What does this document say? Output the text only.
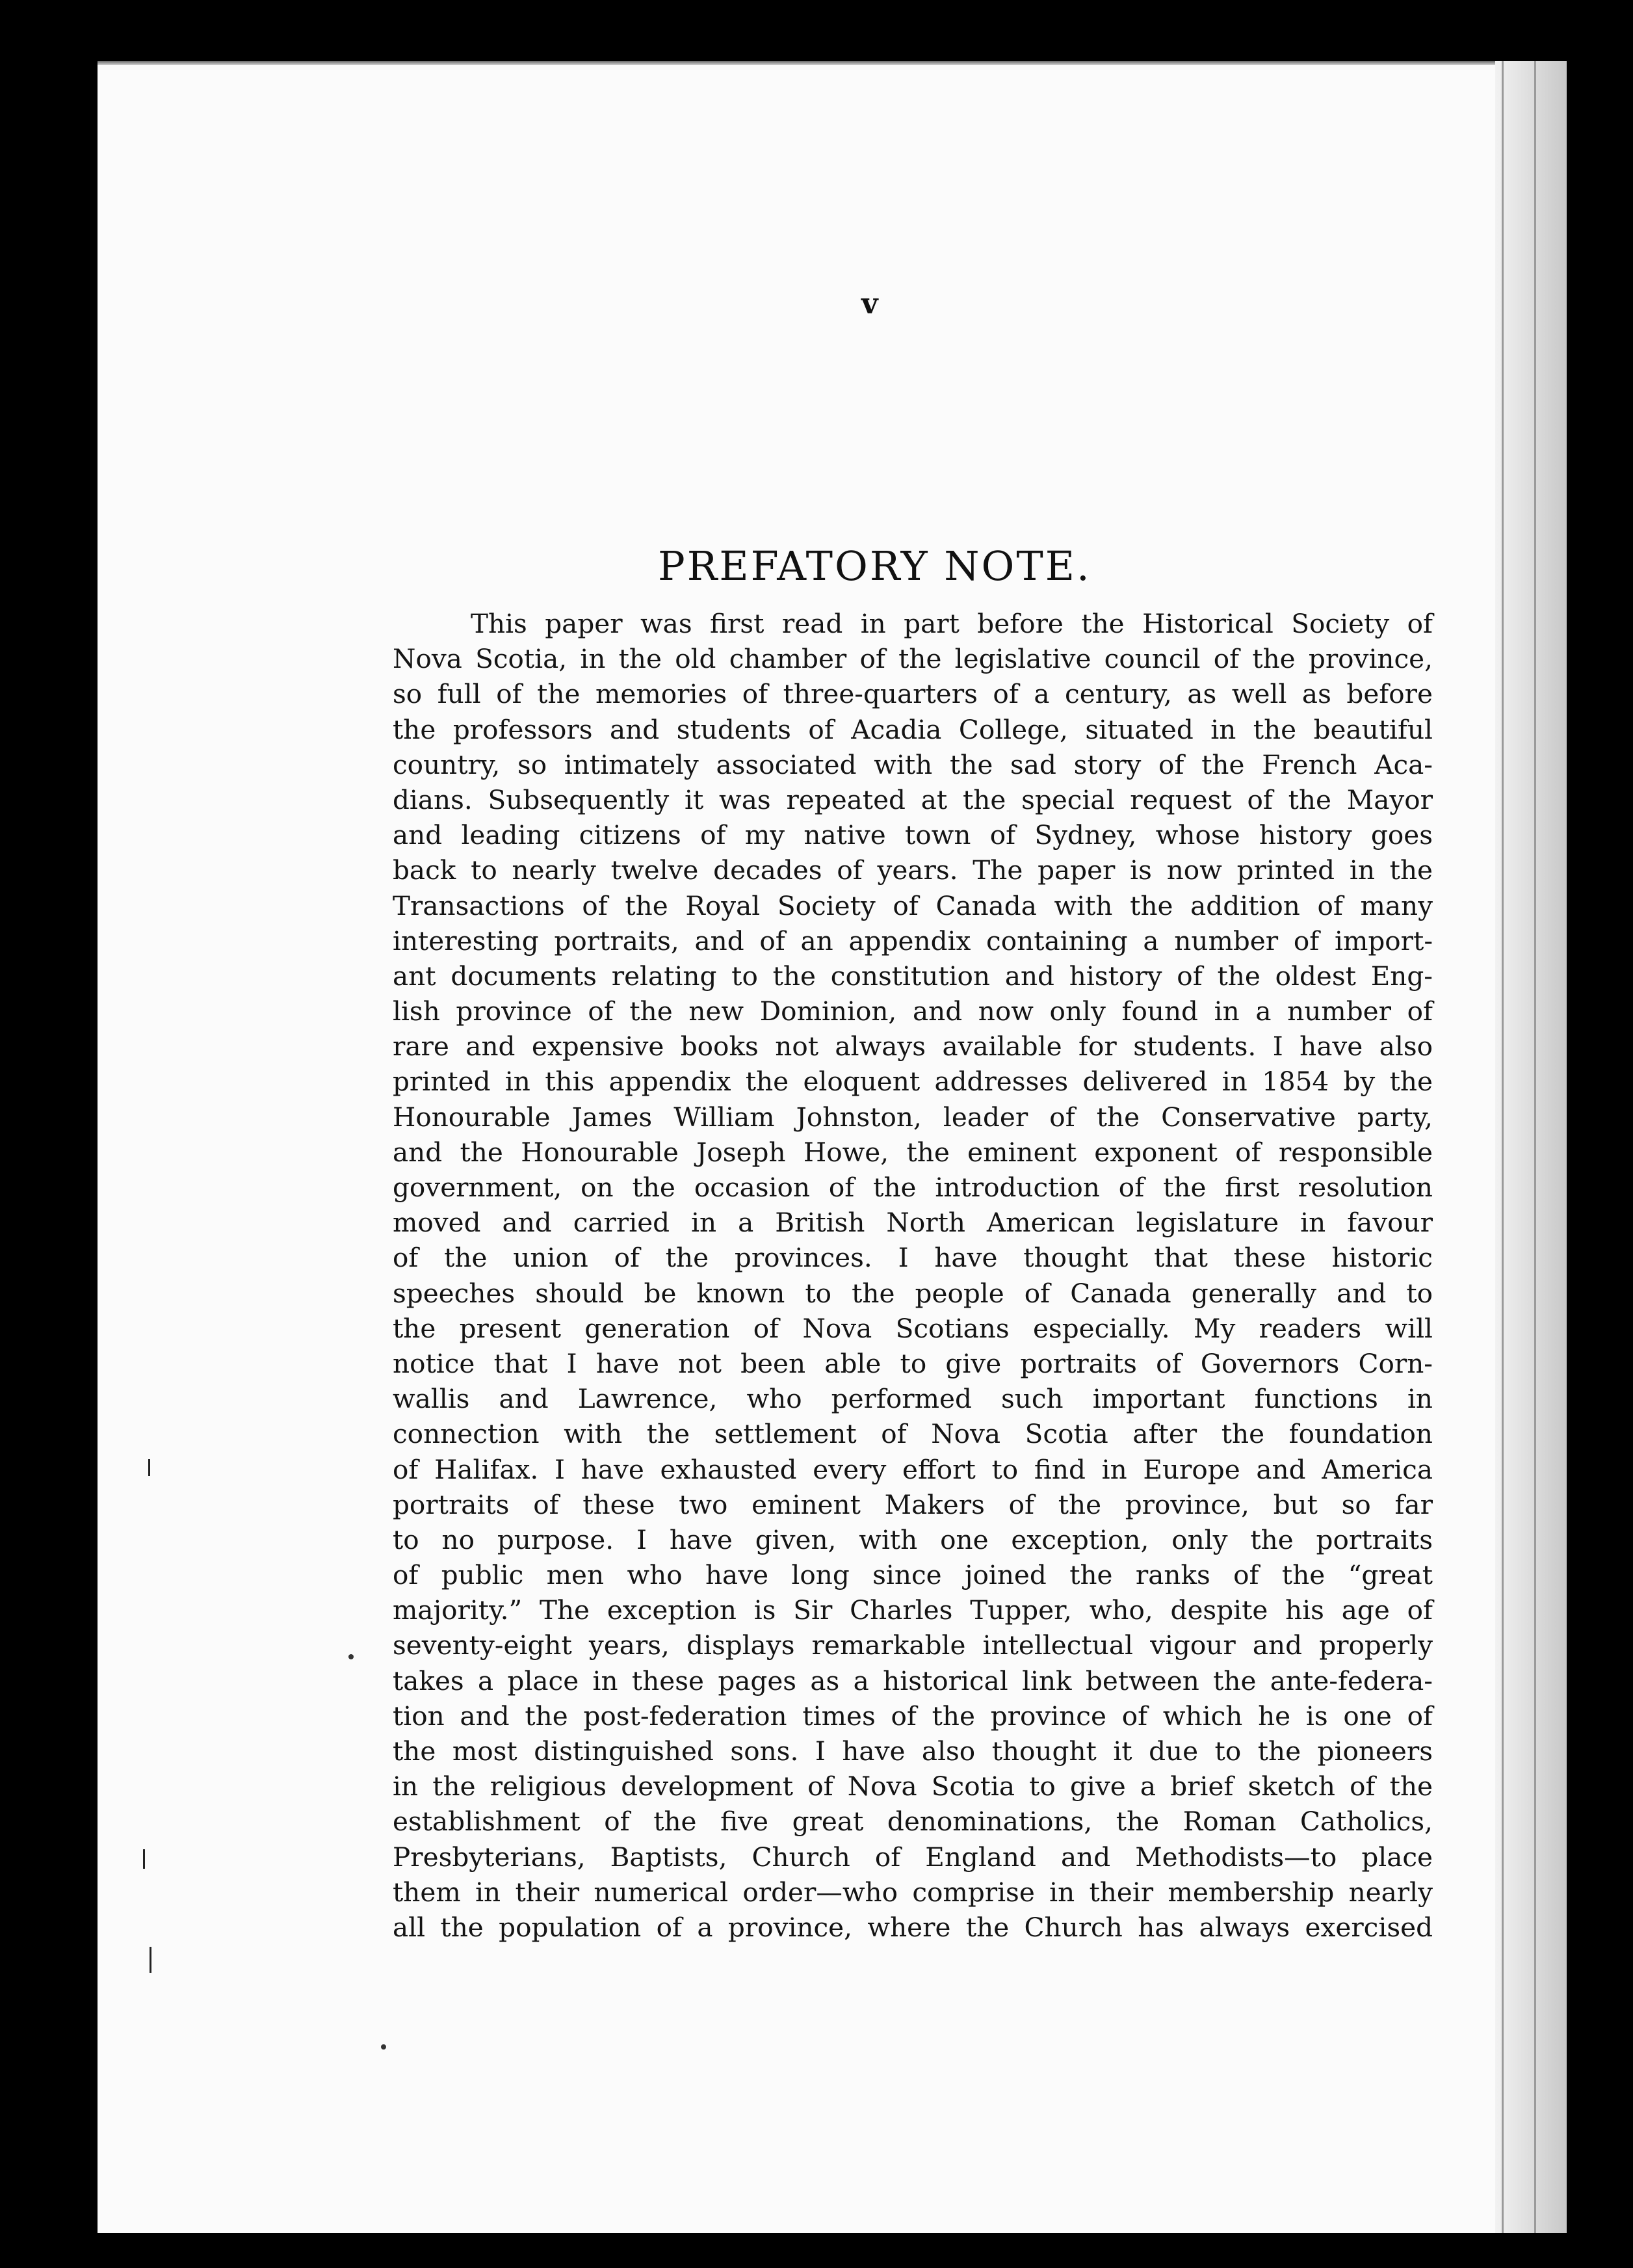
v
PREFATORY NOTE.
This paper was first read in part before the Historical Society of
Nova Scotia, in the old chamber of the legislative council of the province,
so full of the memories of three-quarters of a century, as well as before
the professors and students of Acadia College, situated in the beautiful
country, so intimately associated with the sad story of the French Aca-
dians. Subsequently it was repeated at the special request of the Mayor
and leading citizens of my native town of Sydney, whose history goes
back to nearly twelve decades of years. The paper is now printed in the
Transactions of the Royal Society of Canada with the addition of many
interesting portraits, and of an appendix containing a number of import-
ant documents relating to the constitution and history of the oldest Eng-
lish province of the new Dominion, and now only found in a number of
rare and expensive books not always available for students. I have also
printed in this appendix the eloquent addresses delivered in 1854 by the
Honourable James William Johnston, leader of the Conservative party,
and the Honourable Joseph Howe, the eminent exponent of responsible
government, on the occasion of the introduction of the first resolution
moved and carried in a British North American legislature in favour
of the union of the provinces. I have thought that these historic
speeches should be known to the people of Canada generally and to
the present generation of Nova Scotians especially. My readers will
notice that I have not been able to give portraits of Governors Corn-
wallis and Lawrence, who performed such important functions in
connection with the settlement of Nova Scotia after the foundation
of Halifax. I have exhausted every effort to find in Europe and America
portraits of these two eminent Makers of the province, but so far
to no purpose. I have given, with one exception, only the portraits
of public men who have long since joined the ranks of the “great
majority.” The exception is Sir Charles Tupper, who, despite his age of
seventy-eight years, displays remarkable intellectual vigour and properly
takes a place in these pages as a historical link between the ante-federa-
tion and the post-federation times of the province of which he is one of
the most distinguished sons. I have also thought it due to the pioneers
in the religious development of Nova Scotia to give a brief sketch of the
establishment of the five great denominations, the Roman Catholics,
Presbyterians, Baptists, Church of England and Methodists—to place
them in their numerical order—who comprise in their membership nearly
all the population of a province, where the Church has always exercised
